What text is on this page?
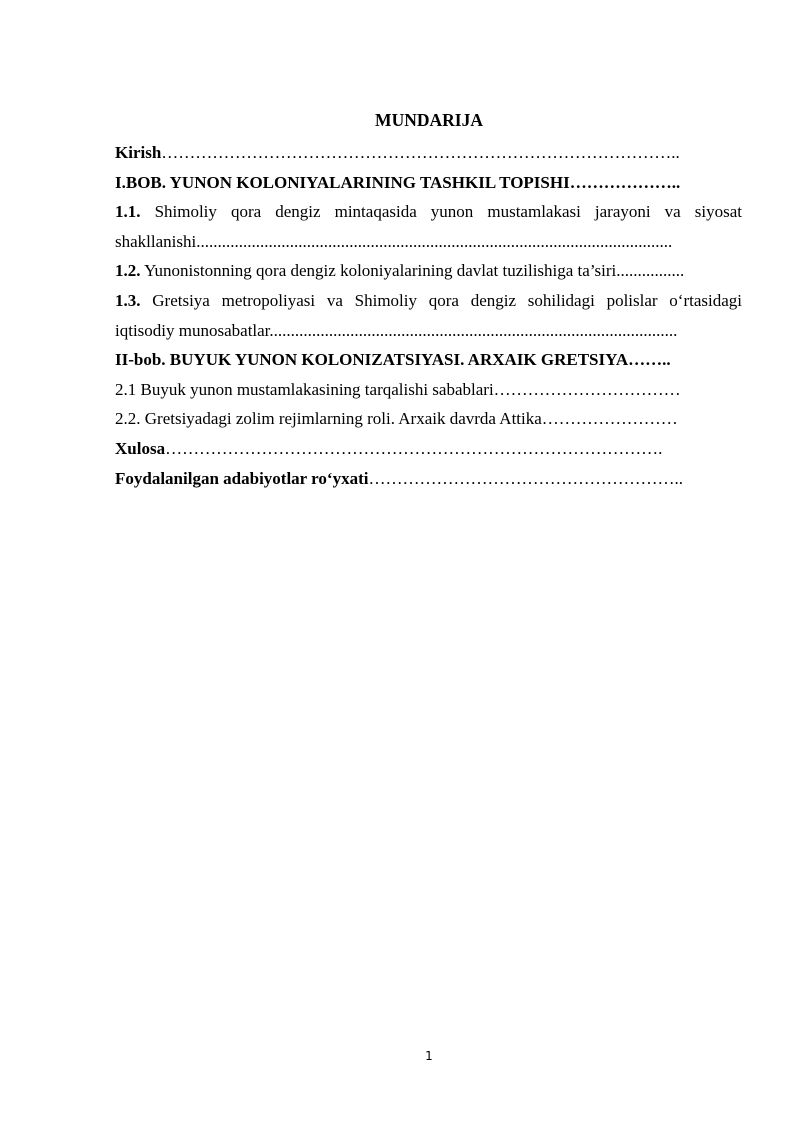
MUNDARIJA
Kirish………………………………………………………………………………..
I.BOB. YUNON KOLONIYALARINING TASHKIL TOPISHI………………..
1.1. Shimoliy qora dengiz mintaqasida yunon mustamlakasi jarayoni va siyosat
shakllanishi................................................................................................................
1.2. Yunonistonning qora dengiz koloniyalarining davlat tuzilishiga ta’siri................
1.3. Gretsiya metropoliyasi va Shimoliy qora dengiz sohilidagi polislar o‘rtasidagi
iqtisodiy munosabatlar................................................................................................
II-bob. BUYUK YUNON KOLONIZATSIYASI. ARXAIK GRETSIYA……..
2.1 Buyuk yunon mustamlakasining tarqalishi sabablari……………………………
2.2. Gretsiyadagi zolim rejimlarning roli. Arxaik davrda Attika……………………
Xulosa…………………………………………………………………………….
Foydalanilgan adabiyotlar ro‘yxati………………………………………………..
1
